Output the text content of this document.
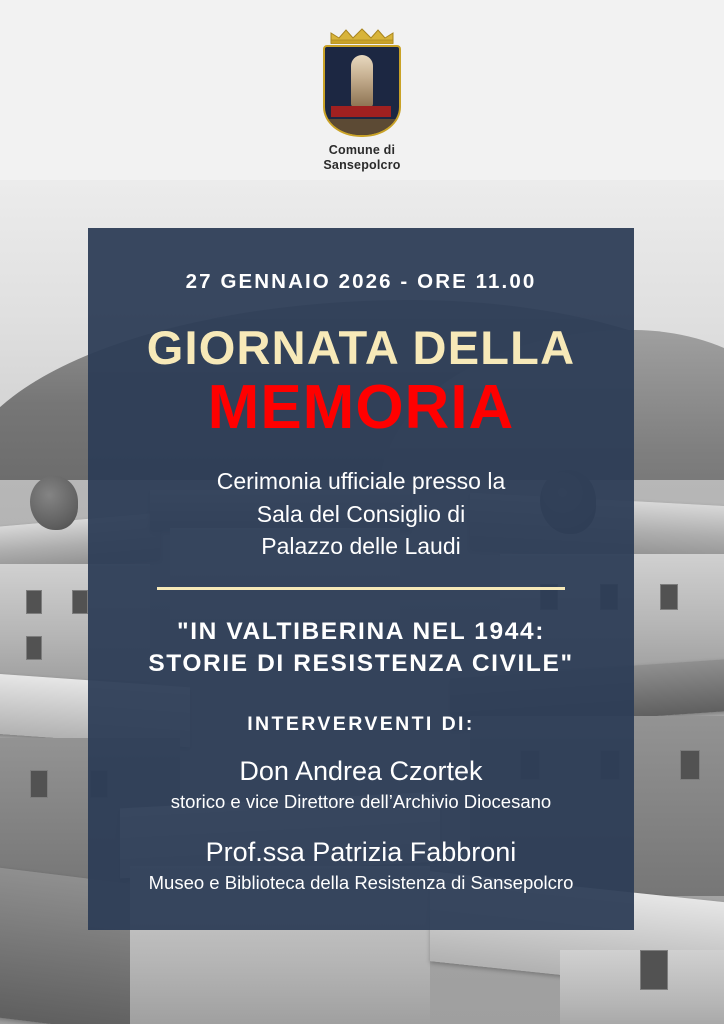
Comune di
Sansepolcro
27 GENNAIO 2026 - ORE 11.00
GIORNATA DELLA
MEMORIA
Cerimonia ufficiale presso la
Sala del Consiglio di
Palazzo delle Laudi
"IN VALTIBERINA NEL 1944:
STORIE DI RESISTENZA CIVILE"
INTERVERVENTI DI:
Don Andrea Czortek
storico e vice Direttore dell’Archivio Diocesano
Prof.ssa Patrizia Fabbroni
Museo e Biblioteca della Resistenza di Sansepolcro
